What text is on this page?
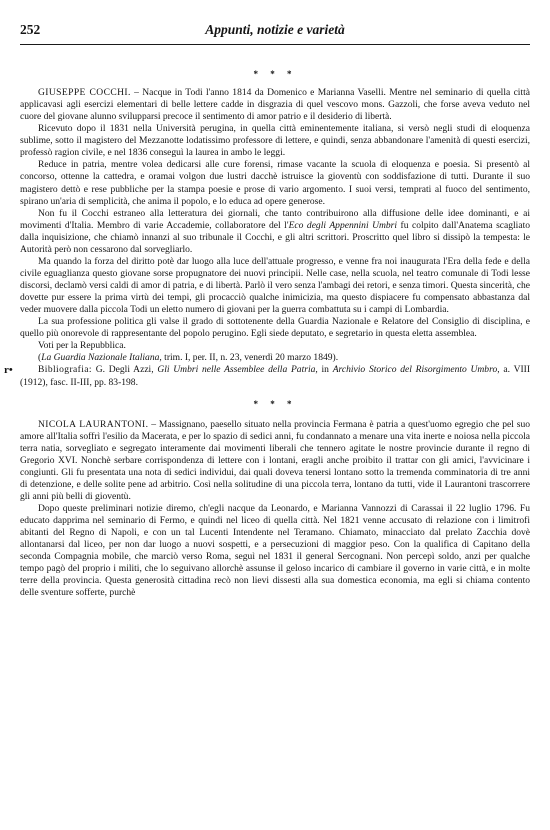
252	Appunti, notizie e varietà
* * *

GIUSEPPE COCCHI. – Nacque in Todi l'anno 1814 da Domenico e Marianna Vaselli. Mentre nel seminario di quella città applicavasi agli esercizi elementari di belle lettere cadde in disgrazia di quel vescovo mons. Gazzoli, che forse aveva veduto nel cuore del giovane alunno svilupparsi precoce il sentimento di amor patrio e il desiderio di libertà.

Ricevuto dopo il 1831 nella Università perugina, in quella città eminentemente italiana, si versò negli studi di eloquenza sublime, sotto il magistero del Mezzanotte lodatissimo professore di lettere, e quindi, senza abbandonare l'amenità di questi esercizi, professò ragion civile, e nel 1836 conseguì la laurea in ambo le leggi.

Reduce in patria, mentre volea dedicarsi alle cure forensi, rimase vacante la scuola di eloquenza e poesia. Si presentò al concorso, ottenne la cattedra, e oramai volgon due lustri dacchè istruisce la gioventù con soddisfazione di tutti. Durante il suo magistero dettò e rese pubbliche per la stampa poesie e prose di vario argomento. I suoi versi, temprati al fuoco del sentimento, spirano un'aria di semplicità, che anima il popolo, e lo educa ad opere generose.

Non fu il Cocchi estraneo alla letteratura dei giornali, che tanto contribuirono alla diffusione delle idee dominanti, e ai movimenti d'Italia. Membro di varie Accademie, collaboratore del l'Eco degli Appennini Umbri fu colpito dall'Anatema scagliato dalla inquisizione, che chiamò innanzi al suo tribunale il Cocchi, e gli altri scrittori. Proscritto quel libro si dissipò la tempesta: le Autorità però non cessarono dal sorvegliarlo.

Ma quando la forza del diritto potè dar luogo alla luce dell'attuale progresso, e venne fra noi inaugurata l'Era della fede e della civile eguaglianza questo giovane sorse propugnatore dei nuovi principii. Nelle case, nella scuola, nel teatro comunale di Todi lesse discorsi, declamò versi caldi di amor di patria, e di libertà. Parlò il vero senza l'ambagi dei retori, e senza timori. Questa sincerità, che dovette pur essere la prima virtù dei tempi, gli procacciò qualche inimicizia, ma questo dispiacere fu compensato abbastanza dal veder muovere dalla piccola Todi un eletto numero di giovani per la guerra combattuta su i campi di Lombardia.

La sua professione politica gli valse il grado di sottotenente della Guardia Nazionale e Relatore del Consiglio di disciplina, e quello più onorevole di rappresentante del popolo perugino. Egli siede deputato, e segretario in questa eletta assemblea.

Voti per la Repubblica.

(La Guardia Nazionale Italiana, trim. I, per. II, n. 23, venerdì 20 marzo 1849).

Bibliografia: G. Degli Azzi, Gli Umbri nelle Assemblee della Patria, in Archivio Storico del Risorgimento Umbro, a. VIII (1912), fasc. II-III, pp. 83-198.

* * *

NICOLA LAURANTONI. – Massignano, paesello situato nella provincia Fermana è patria a quest'uomo egregio che pel suo amore all'Italia soffrì l'esilio da Macerata, e per lo spazio di sedici anni, fu condannato a menare una vita inerte e noiosa nella piccola terra natia, sorvegliato e segregato interamente dai movimenti liberali che tennero agitate le nostre provincie durante il regno di Gregorio XVI. Nonchè serbare corrispondenza di lettere con i lontani, eragli anche proibito il trattar con gli amici, l'avvicinare i congiunti. Gli fu presentata una nota di sedici individui, dai quali doveva tenersi lontano sotto la tremenda comminatoria di tre anni di detenzione, e delle solite pene ad arbitrio. Così nella solitudine di una piccola terra, lontano da tutti, vide il Laurantoni trascorrere gli anni più belli di gioventù.

Dopo queste preliminari notizie diremo, ch'egli nacque da Leonardo, e Marianna Vannozzi di Carassai il 22 luglio 1796. Fu educato dapprima nel seminario di Fermo, e quindi nel liceo di quella città. Nel 1821 venne accusato di relazione con i limitrofi abitanti del Regno di Napoli, e con un tal Lucenti Intendente nel Teramano. Chiamato, minacciato dal prelato Zacchia dovè allontanarsi dal liceo, per non dar luogo a nuovi sospetti, e a persecuzioni di maggior peso. Con la qualifica di Capitano della seconda Compagnia mobile, che marciò verso Roma, seguì nel 1831 il general Sercognani. Non percepì soldo, anzi per qualche tempo pagò del proprio i militi, che lo seguivano allorchè assunse il geloso incarico di cambiare il governo in varie città, e in molte terre della provincia. Questa generosità cittadina recò non lievi dissesti alla sua domestica economia, ma egli si chiama contento delle sventure sofferte, purchè

r•
